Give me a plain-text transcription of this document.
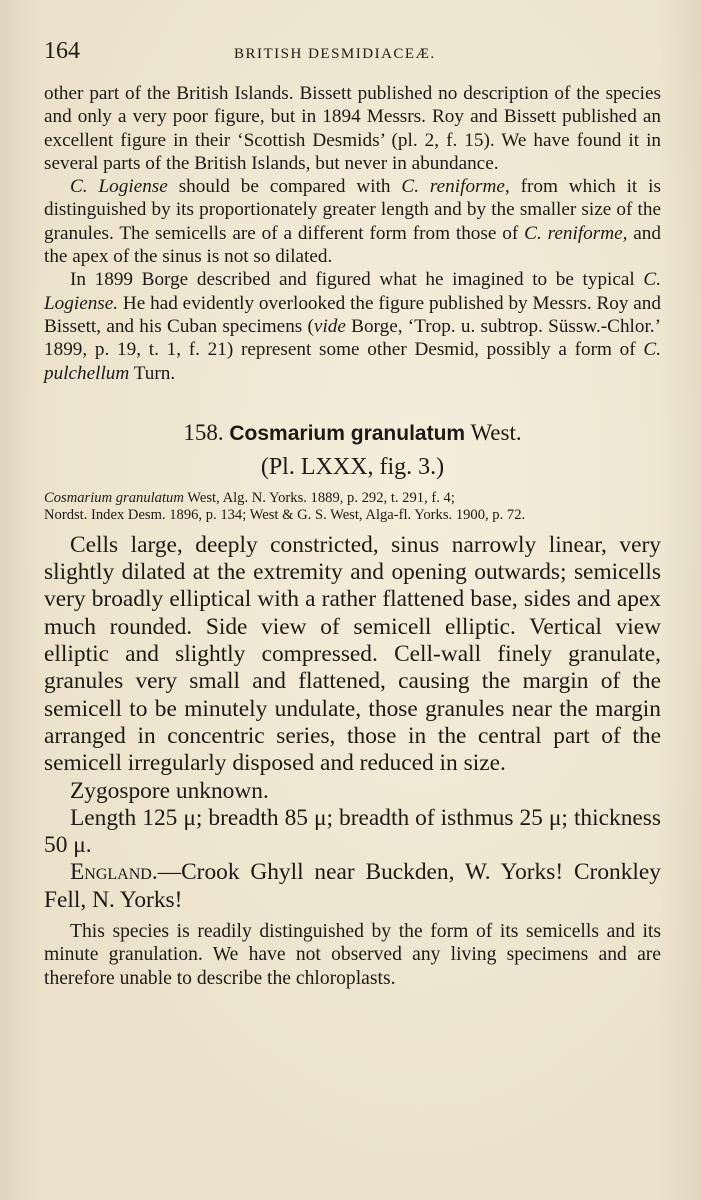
164	BRITISH DESMIDIACEÆ.

other part of the British Islands. Bissett published no description of the species and only a very poor figure, but in 1894 Messrs. Roy and Bissett published an excellent figure in their ‘Scottish Desmids’ (pl. 2, f. 15). We have found it in several parts of the British Islands, but never in abundance.

C. Logiense should be compared with C. reniforme, from which it is distinguished by its proportionately greater length and by the smaller size of the granules. The semicells are of a different form from those of C. reniforme, and the apex of the sinus is not so dilated.

In 1899 Borge described and figured what he imagined to be typical C. Logiense. He had evidently overlooked the figure published by Messrs. Roy and Bissett, and his Cuban specimens (vide Borge, ‘Trop. u. subtrop. Süssw.-Chlor.’ 1899, p. 19, t. 1, f. 21) represent some other Desmid, possibly a form of C. pulchellum Turn.

158. Cosmarium granulatum West.
(Pl. LXXX, fig. 3.)
Cosmarium granulatum West, Alg. N. Yorks. 1889, p. 292, t. 291, f. 4;
Nordst. Index Desm. 1896, p. 134; West & G. S. West, Alga-fl. Yorks. 1900, p. 72.

Cells large, deeply constricted, sinus narrowly linear, very slightly dilated at the extremity and opening outwards; semicells very broadly elliptical with a rather flattened base, sides and apex much rounded. Side view of semicell elliptic. Vertical view elliptic and slightly compressed. Cell-wall finely granulate, granules very small and flattened, causing the margin of the semicell to be minutely undulate, those granules near the margin arranged in concentric series, those in the central part of the semicell irregularly disposed and reduced in size.

Zygospore unknown.

Length 125 μ; breadth 85 μ; breadth of isthmus 25 μ; thickness 50 μ.

England.—Crook Ghyll near Buckden, W. Yorks! Cronkley Fell, N. Yorks!

This species is readily distinguished by the form of its semicells and its minute granulation. We have not observed any living specimens and are therefore unable to describe the chloroplasts.
